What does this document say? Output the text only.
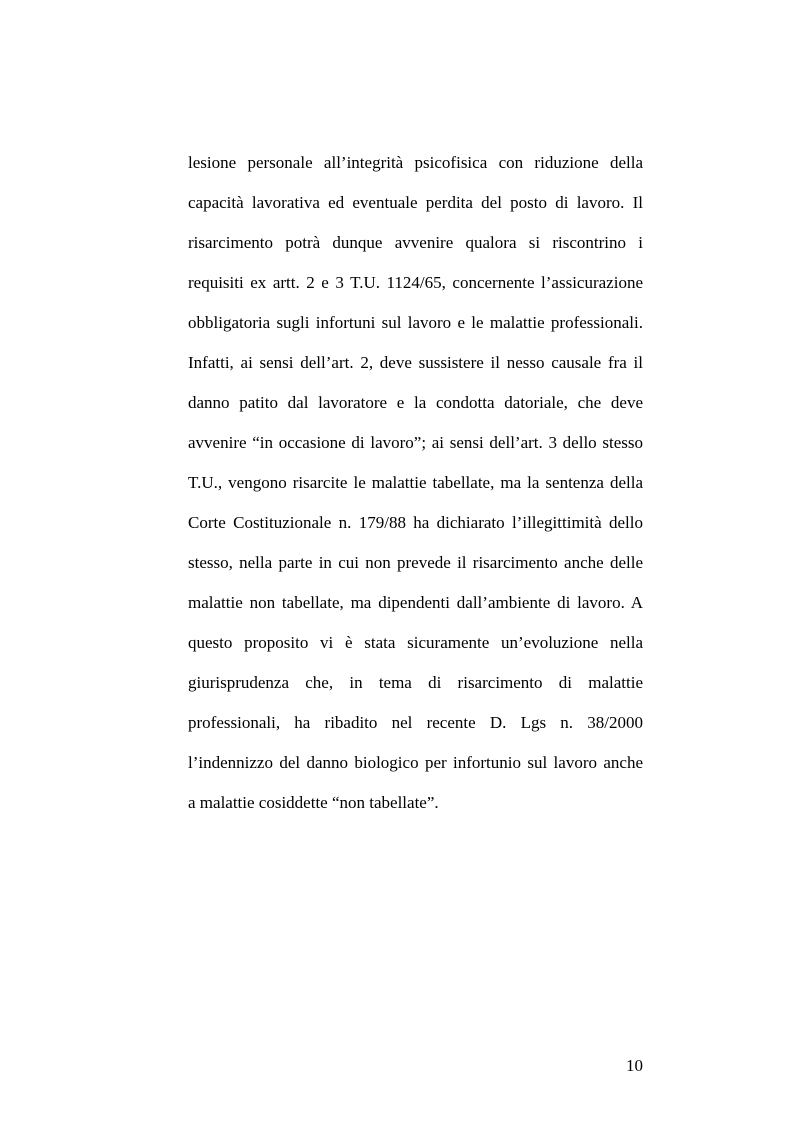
lesione personale all’integrità psicofisica con riduzione della
capacità lavorativa ed eventuale perdita del posto di lavoro. Il
risarcimento potrà dunque avvenire qualora si riscontrino i
requisiti ex artt. 2 e 3 T.U. 1124/65, concernente l’assicurazione
obbligatoria sugli infortuni sul lavoro e le malattie professionali.
Infatti, ai sensi dell’art. 2, deve sussistere il nesso causale fra il
danno patito dal lavoratore e la condotta datoriale, che deve
avvenire “in occasione di lavoro”; ai sensi dell’art. 3 dello stesso
T.U., vengono risarcite le malattie tabellate, ma la sentenza della
Corte Costituzionale n. 179/88 ha dichiarato l’illegittimità dello
stesso, nella parte in cui non prevede il risarcimento anche delle
malattie non tabellate, ma dipendenti dall’ambiente di lavoro. A
questo proposito vi è stata sicuramente un’evoluzione nella
giurisprudenza che, in tema di risarcimento di malattie
professionali, ha ribadito nel recente D. Lgs n. 38/2000
l’indennizzo del danno biologico per infortunio sul lavoro anche
a malattie cosiddette “non tabellate”.
10
